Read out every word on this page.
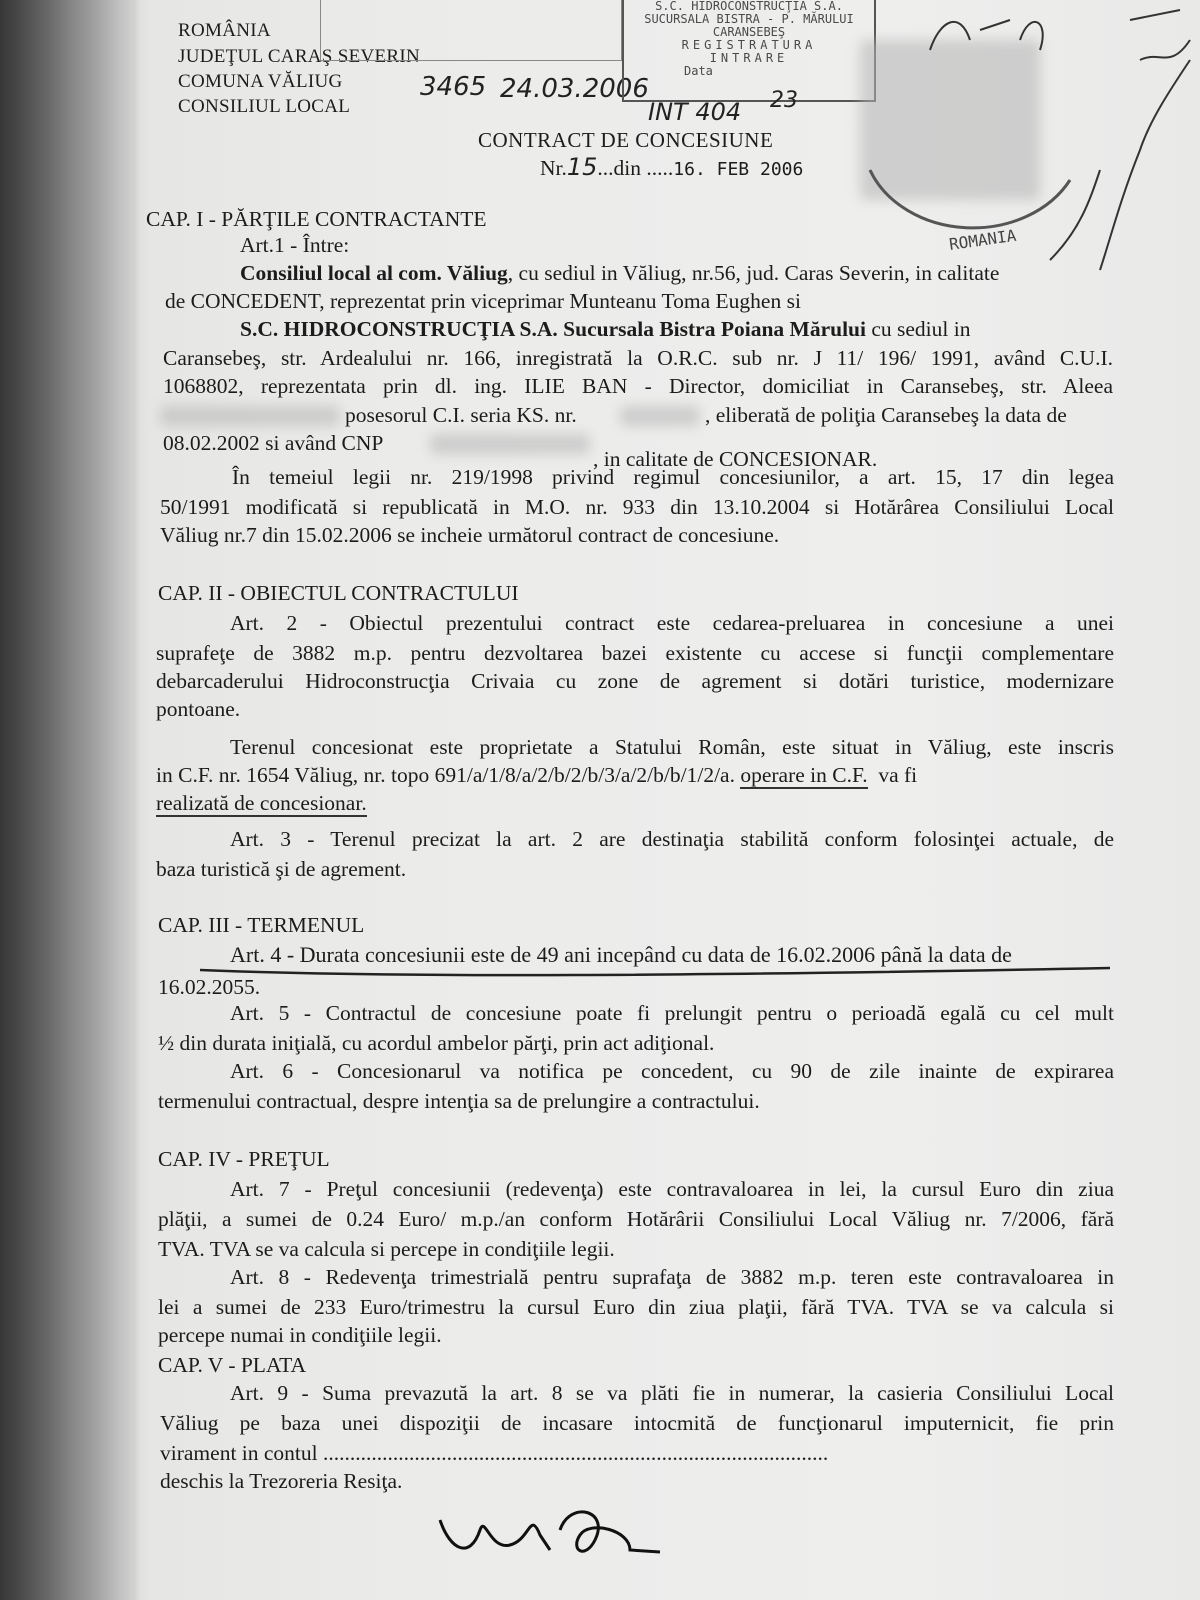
ROMÂNIA
JUDEŢUL CARAŞ SEVERIN
COMUNA VĂLIUG
CONSILIUL LOCAL
3465 24.03.2006
S.C. HIDROCONSTRUCŢIA S.A.
SUCURSALA BISTRA - P. MĂRULUI
CARANSEBEŞ
REGISTRATURA
INTRARE
Data
INT 404 23
ROMANIA
CONTRACT DE CONCESIUNE
Nr.15...din .....16. FEB 2006
CAP. I - PĂRŢILE CONTRACTANTE
Art.1 - Între:
Consiliul local al com. Văliug, cu sediul in Văliug, nr.56, jud. Caras Severin, in calitate
de CONCEDENT, reprezentat prin viceprimar Munteanu Toma Eughen si
S.C. HIDROCONSTRUCŢIA S.A. Sucursala Bistra Poiana Mărului cu sediul in
Caransebeş, str. Ardealului nr. 166, inregistrată la O.R.C. sub nr. J 11/ 196/ 1991, având C.U.I.
1068802, reprezentata prin dl. ing. ILIE BAN - Director, domiciliat in Caransebeş, str. Aleea
posesorul C.I. seria KS. nr.	, eliberată de poliţia Caransebeş la data de
08.02.2002 si având CNP
, in calitate de CONCESIONAR.
În temeiul legii nr. 219/1998 privind regimul concesiunilor, a art. 15, 17 din legea
50/1991 modificată si republicată in M.O. nr. 933 din 13.10.2004 si Hotărârea Consiliului Local
Văliug nr.7 din 15.02.2006 se incheie următorul contract de concesiune.
CAP. II - OBIECTUL CONTRACTULUI
Art. 2 - Obiectul prezentului contract este cedarea-preluarea in concesiune a unei
suprafeţe de 3882 m.p. pentru dezvoltarea bazei existente cu accese si funcţii complementare
debarcaderului Hidroconstrucţia Crivaia cu zone de agrement si dotări turistice, modernizare
pontoane.
Terenul concesionat este proprietate a Statului Român, este situat in Văliug, este inscris
in C.F. nr. 1654 Văliug, nr. topo 691/a/1/8/a/2/b/2/b/3/a/2/b/b/1/2/a. operare in C.F. va fi
realizată de concesionar.
Art. 3 - Terenul precizat la art. 2 are destinaţia stabilită conform folosinţei actuale, de
baza turistică şi de agrement.
CAP. III - TERMENUL
Art. 4 - Durata concesiunii este de 49 ani incepând cu data de 16.02.2006 până la data de
16.02.2055.
Art. 5 - Contractul de concesiune poate fi prelungit pentru o perioadă egală cu cel mult
½ din durata iniţială, cu acordul ambelor părţi, prin act adiţional.
Art. 6 - Concesionarul va notifica pe concedent, cu 90 de zile inainte de expirarea
termenului contractual, despre intenţia sa de prelungire a contractului.
CAP. IV - PREŢUL
Art. 7 - Preţul concesiunii (redevenţa) este contravaloarea in lei, la cursul Euro din ziua
plăţii, a sumei de 0.24 Euro/ m.p./an conform Hotărârii Consiliului Local Văliug nr. 7/2006, fără
TVA. TVA se va calcula si percepe in condiţiile legii.
Art. 8 - Redevenţa trimestrială pentru suprafaţa de 3882 m.p. teren este contravaloarea in
lei a sumei de 233 Euro/trimestru la cursul Euro din ziua plaţii, fără TVA. TVA se va calcula si
percepe numai in condiţiile legii.
CAP. V - PLATA
Art. 9 - Suma prevazută la art. 8 se va plăti fie in numerar, la casieria Consiliului Local
Văliug pe baza unei dispoziţii de incasare intocmită de funcţionarul imputernicit, fie prin
virament in contul ..............................................................................................
deschis la Trezoreria Resiţa.
